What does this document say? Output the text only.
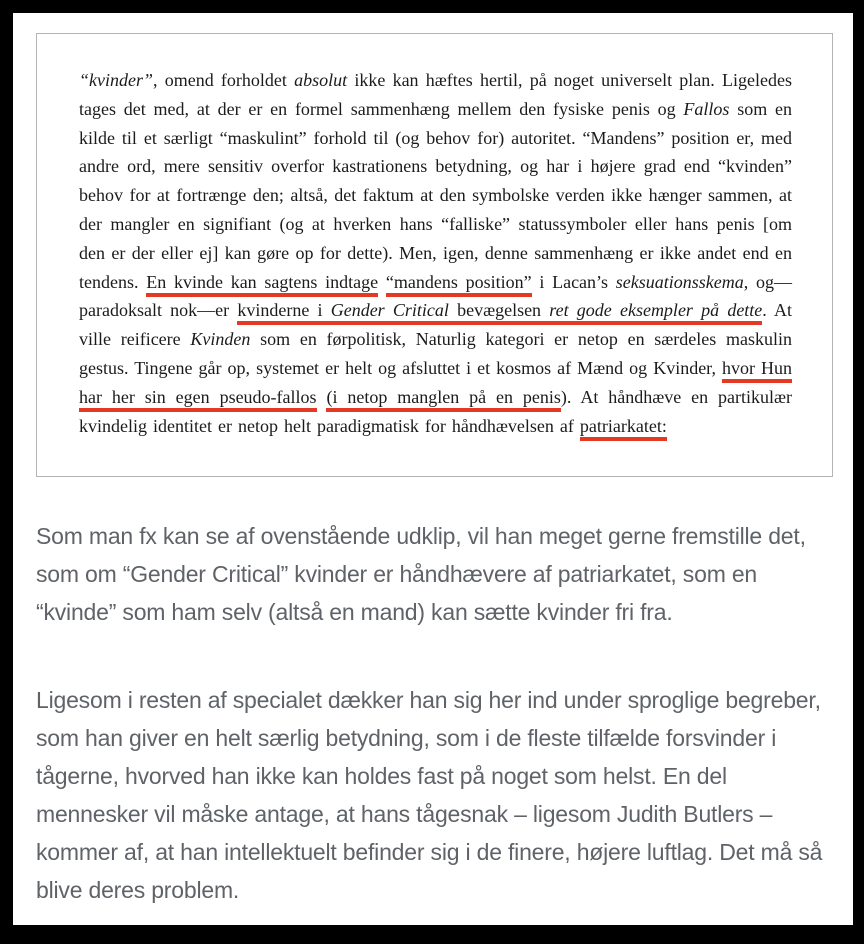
“kvinder”, omend forholdet absolut ikke kan hæftes hertil, på noget universelt plan. Ligeledes tages det med, at der er en formel sammenhæng mellem den fysiske penis og Fallos som en kilde til et særligt “maskulint” forhold til (og behov for) autoritet. “Mandens” position er, med andre ord, mere sensitiv overfor kastrationens betydning, og har i højere grad end “kvinden” behov for at fortrænge den; altså, det faktum at den symbolske verden ikke hænger sammen, at der mangler en signifiant (og at hverken hans “falliske” statussymboler eller hans penis [om den er der eller ej] kan gøre op for dette). Men, igen, denne sammenhæng er ikke andet end en tendens. En kvinde kan sagtens indtage “mandens position” i Lacan’s seksuationsskema, og—paradoksalt nok—er kvinderne i Gender Critical bevægelsen ret gode eksempler på dette. At ville reificere Kvinden som en førpolitisk, Naturlig kategori er netop en særdeles maskulin gestus. Tingene går op, systemet er helt og afsluttet i et kosmos af Mænd og Kvinder, hvor Hun har her sin egen pseudo-fallos (i netop manglen på en penis). At håndhæve en partikulær kvindelig identitet er netop helt paradigmatisk for håndhævelsen af patriarkatet:

Som man fx kan se af ovenstående udklip, vil han meget gerne fremstille det, som om “Gender Critical” kvinder er håndhævere af patriarkatet, som en “kvinde” som ham selv (altså en mand) kan sætte kvinder fri fra.

Ligesom i resten af specialet dækker han sig her ind under sproglige begreber, som han giver en helt særlig betydning, som i de fleste tilfælde forsvinder i tågerne, hvorved han ikke kan holdes fast på noget som helst. En del mennesker vil måske antage, at hans tågesnak – ligesom Judith Butlers – kommer af, at han intellektuelt befinder sig i de finere, højere luftlag. Det må så blive deres problem.
